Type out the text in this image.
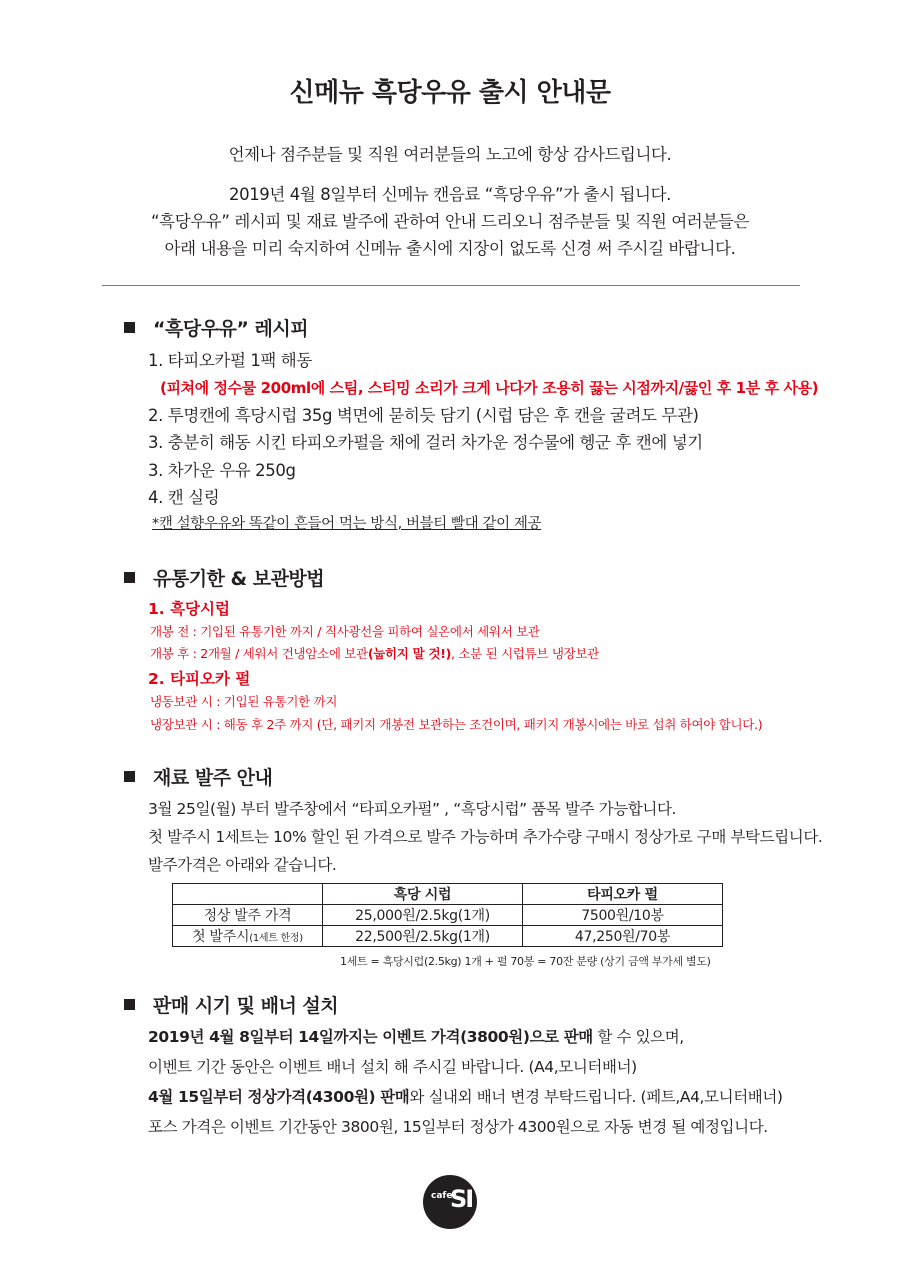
신메뉴 흑당우유 출시 안내문
언제나 점주분들 및 직원 여러분들의 노고에 항상 감사드립니다.
2019년 4월 8일부터 신메뉴 캔음료 “흑당우유”가 출시 됩니다.
“흑당우유” 레시피 및 재료 발주에 관하여 안내 드리오니 점주분들 및 직원 여러분들은
아래 내용을 미리 숙지하여 신메뉴 출시에 지장이 없도록 신경 써 주시길 바랍니다.
“흑당우유” 레시피
1. 타피오카펄 1팩 해동
(피쳐에 정수물 200ml에 스팀, 스티밍 소리가 크게 나다가 조용히 끓는 시점까지/끓인 후 1분 후 사용)
2. 투명캔에 흑당시럽 35g 벽면에 묻히듯 담기 (시럽 담은 후 캔을 굴려도 무관)
3. 충분히 해동 시킨 타피오카펄을 채에 걸러 차가운 정수물에 헹군 후 캔에 넣기
3. 차가운 우유 250g
4. 캔 실링
*캔 설향우유와 똑같이 흔들어 먹는 방식, 버블티 빨대 같이 제공
유통기한 & 보관방법
1. 흑당시럽
개봉 전 : 기입된 유통기한 까지 / 직사광선을 피하여 실온에서 세워서 보관
개봉 후 : 2개월 / 세워서 건냉암소에 보관(눕히지 말 것!), 소분 된 시럽튜브 냉장보관
2. 타피오카 펄
냉동보관 시 : 기입된 유통기한 까지
냉장보관 시 : 해동 후 2주 까지 (단, 패키지 개봉전 보관하는 조건이며, 패키지 개봉시에는 바로 섭취 하여야 합니다.)
재료 발주 안내
3월 25일(월) 부터 발주창에서 “타피오카펄” , “흑당시럽” 품목 발주 가능합니다.
첫 발주시 1세트는 10% 할인 된 가격으로 발주 가능하며 추가수량 구매시 정상가로 구매 부탁드립니다.
발주가격은 아래와 같습니다.
	흑당 시럽	타피오카 펄
정상 발주 가격	25,000원/2.5kg(1개)	7500원/10봉
첫 발주시(1세트 한정)	22,500원/2.5kg(1개)	47,250원/70봉
1세트 = 흑당시럽(2.5kg) 1개 + 펄 70봉 = 70잔 분량 (상기 금액 부가세 별도)
판매 시기 및 배너 설치
2019년 4월 8일부터 14일까지는 이벤트 가격(3800원)으로 판매 할 수 있으며,
이벤트 기간 동안은 이벤트 배너 설치 해 주시길 바랍니다. (A4,모니터배너)
4월 15일부터 정상가격(4300원) 판매와 실내외 배너 변경 부탁드립니다. (페트,A4,모니터배너)
포스 가격은 이벤트 기간동안 3800원, 15일부터 정상가 4300원으로 자동 변경 될 예정입니다.
cafe
SI
